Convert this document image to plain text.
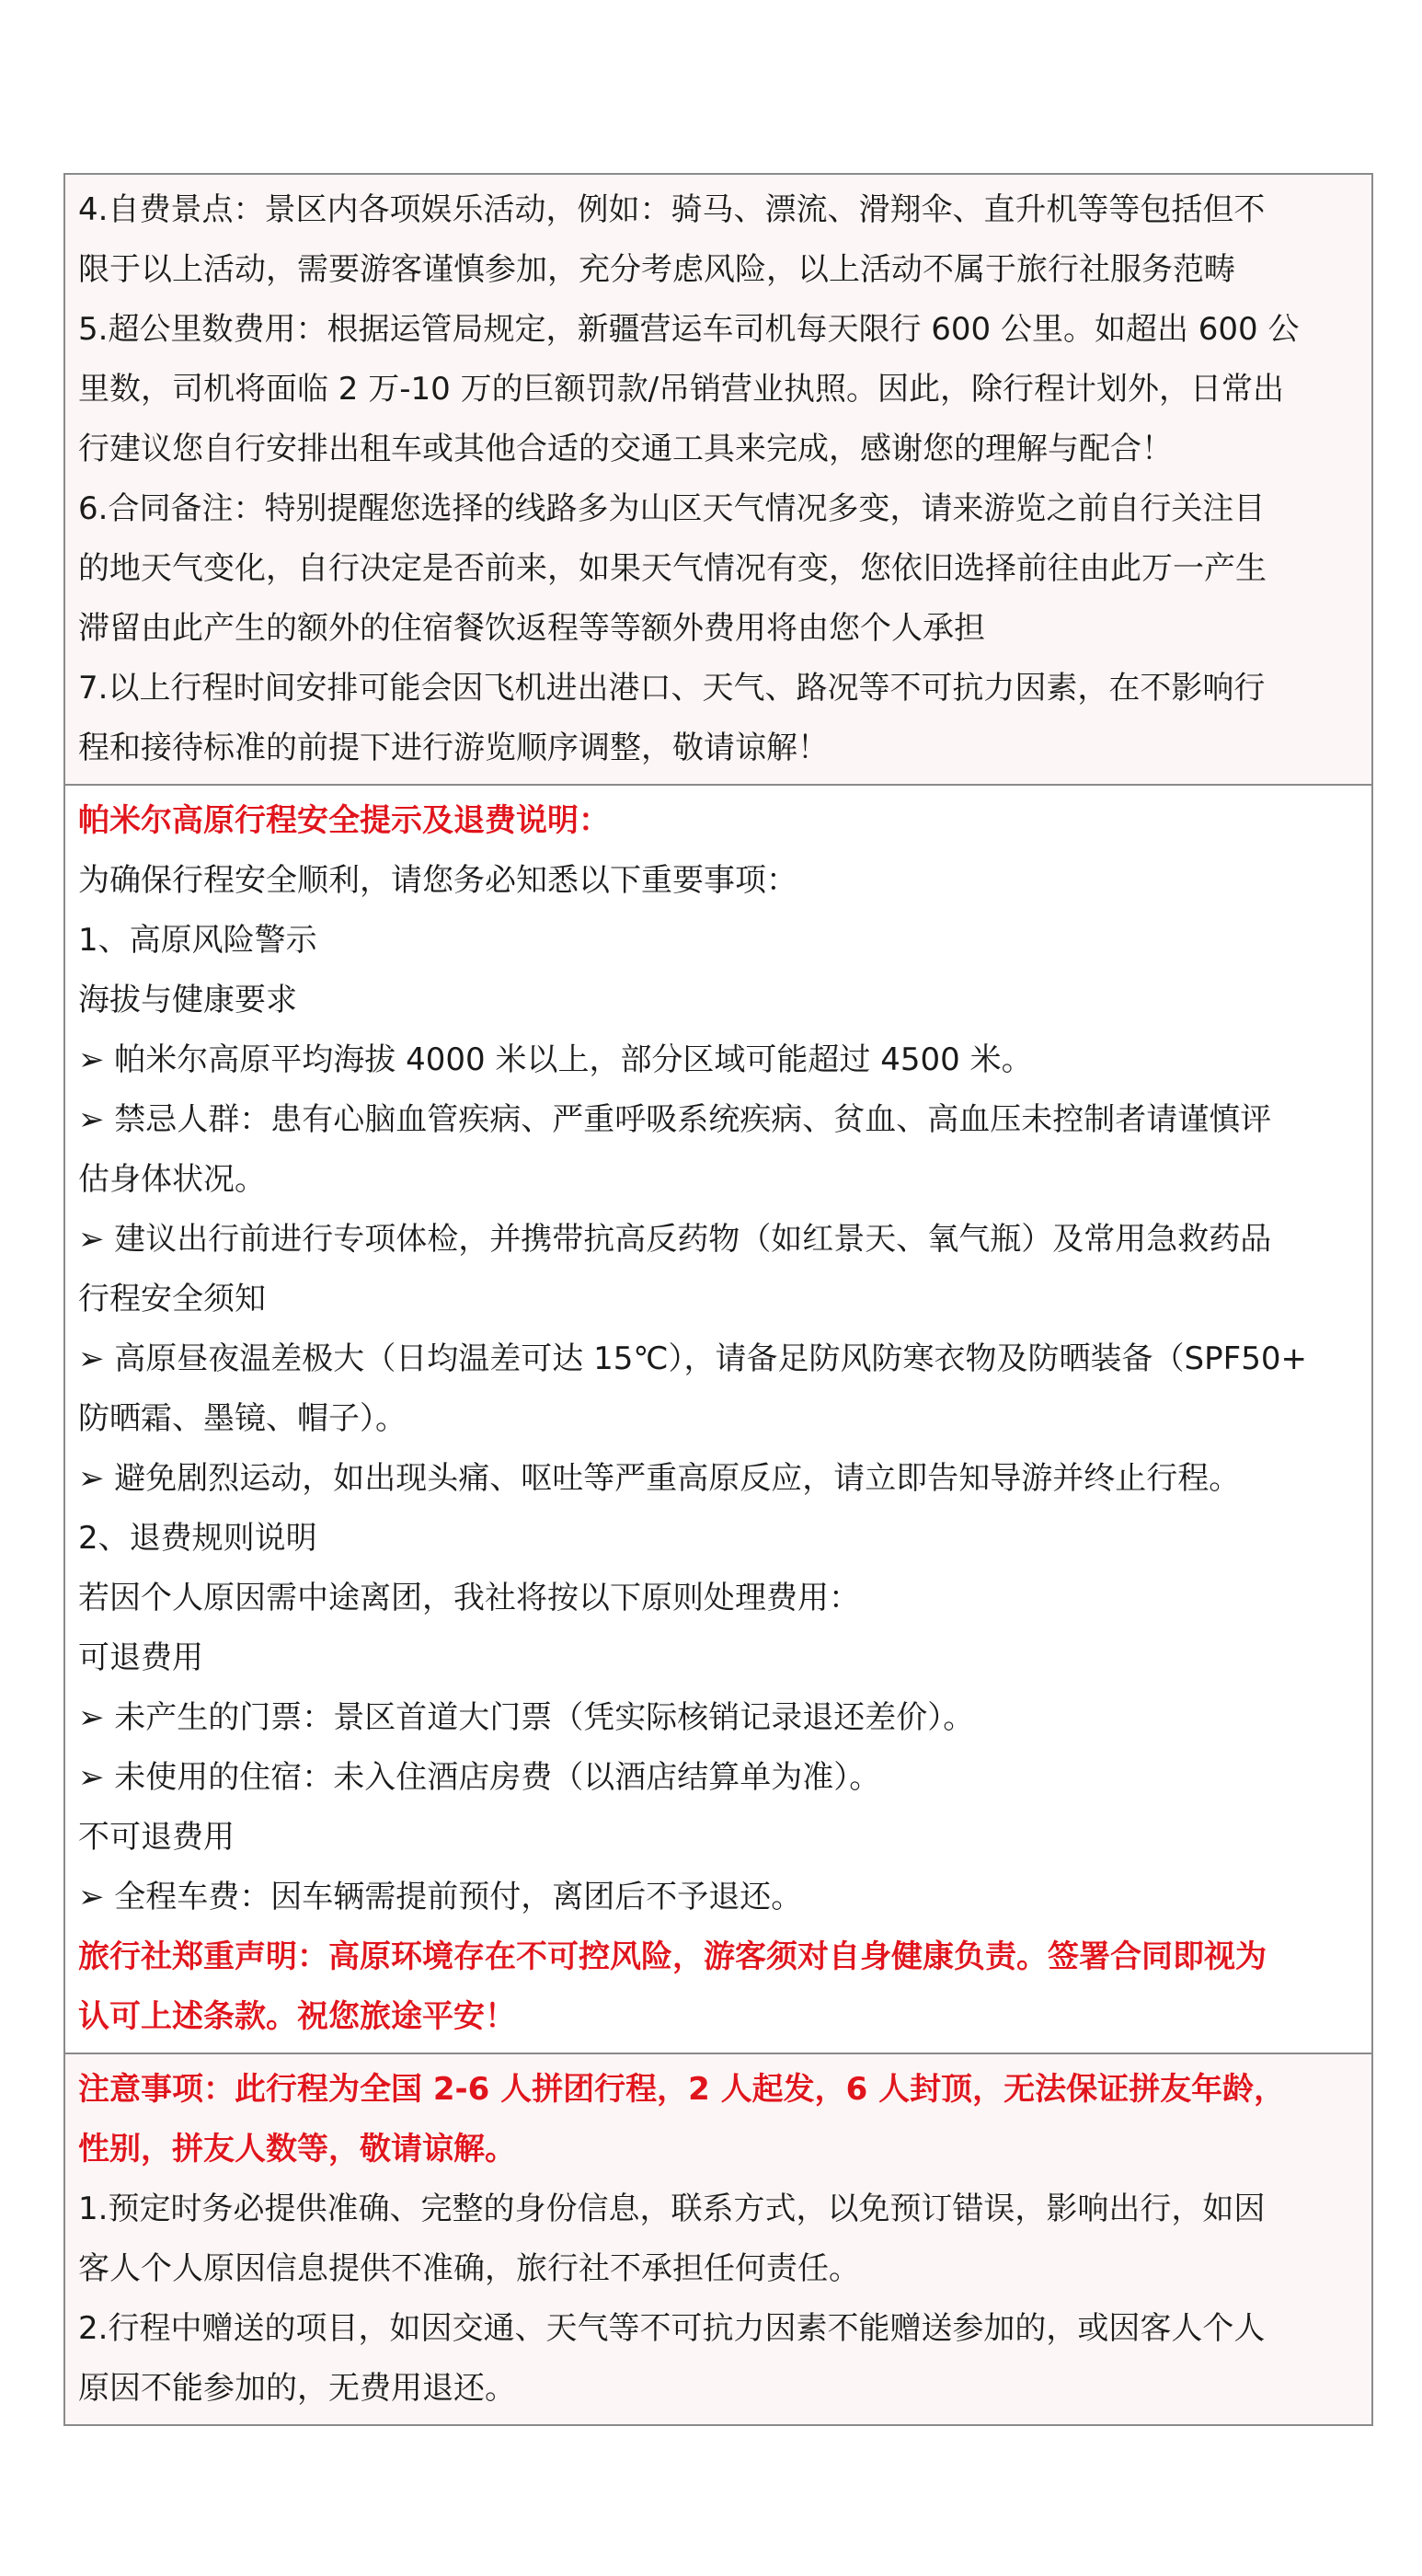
4.自费景点：景区内各项娱乐活动，例如：骑马、漂流、滑翔伞、直升机等等包括但不
限于以上活动，需要游客谨慎参加，充分考虑风险，以上活动不属于旅行社服务范畴
5.超公里数费用：根据运管局规定，新疆营运车司机每天限行 600 公里。如超出 600 公
里数，司机将面临 2 万-10 万的巨额罚款/吊销营业执照。因此，除行程计划外，日常出
行建议您自行安排出租车或其他合适的交通工具来完成，感谢您的理解与配合！
6.合同备注：特别提醒您选择的线路多为山区天气情况多变，请来游览之前自行关注目
的地天气变化，自行决定是否前来，如果天气情况有变，您依旧选择前往由此万一产生
滞留由此产生的额外的住宿餐饮返程等等额外费用将由您个人承担
7.以上行程时间安排可能会因飞机进出港口、天气、路况等不可抗力因素，在不影响行
程和接待标准的前提下进行游览顺序调整，敬请谅解！
帕米尔高原行程安全提示及退费说明：
为确保行程安全顺利，请您务必知悉以下重要事项：
1、高原风险警示
海拔与健康要求
➢ 帕米尔高原平均海拔 4000 米以上，部分区域可能超过 4500 米。
➢ 禁忌人群：患有心脑血管疾病、严重呼吸系统疾病、贫血、高血压未控制者请谨慎评
估身体状况。
➢ 建议出行前进行专项体检，并携带抗高反药物（如红景天、氧气瓶）及常用急救药品
行程安全须知
➢ 高原昼夜温差极大（日均温差可达 15℃），请备足防风防寒衣物及防晒装备（SPF50+
防晒霜、墨镜、帽子）。
➢ 避免剧烈运动，如出现头痛、呕吐等严重高原反应，请立即告知导游并终止行程。
2、退费规则说明
若因个人原因需中途离团，我社将按以下原则处理费用：
可退费用
➢ 未产生的门票：景区首道大门票（凭实际核销记录退还差价）。
➢ 未使用的住宿：未入住酒店房费（以酒店结算单为准）。
不可退费用
➢ 全程车费：因车辆需提前预付，离团后不予退还。
旅行社郑重声明：高原环境存在不可控风险，游客须对自身健康负责。签署合同即视为
认可上述条款。祝您旅途平安！
注意事项：此行程为全国 2-6 人拼团行程，2 人起发，6 人封顶，无法保证拼友年龄，
性别，拼友人数等，敬请谅解。
1.预定时务必提供准确、完整的身份信息，联系方式，以免预订错误，影响出行，如因
客人个人原因信息提供不准确，旅行社不承担任何责任。
2.行程中赠送的项目，如因交通、天气等不可抗力因素不能赠送参加的，或因客人个人
原因不能参加的，无费用退还。
